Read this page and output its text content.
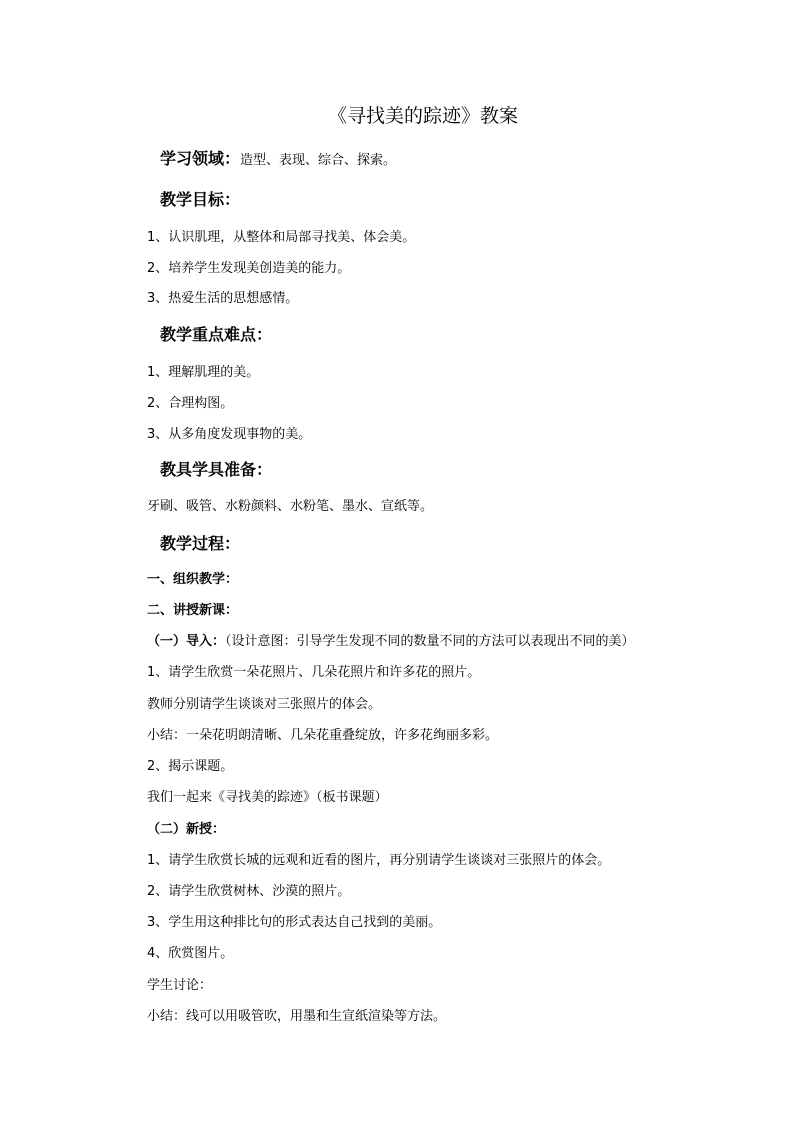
《寻找美的踪迹》教案
学习领域：造型、表现、综合、探索。
教学目标：
1、认识肌理，从整体和局部寻找美、体会美。
2、培养学生发现美创造美的能力。
3、热爱生活的思想感情。
教学重点难点：
1、理解肌理的美。
2、合理构图。
3、从多角度发现事物的美。
教具学具准备：
牙刷、吸管、水粉颜料、水粉笔、墨水、宣纸等。
教学过程：
一、组织教学：
二、讲授新课：
（一）导入：（设计意图：引导学生发现不同的数量不同的方法可以表现出不同的美）
1、请学生欣赏一朵花照片、几朵花照片和许多花的照片。
教师分别请学生谈谈对三张照片的体会。
小结：一朵花明朗清晰、几朵花重叠绽放，许多花绚丽多彩。
2、揭示课题。
我们一起来《寻找美的踪迹》（板书课题）
（二）新授：
1、请学生欣赏长城的远观和近看的图片，再分别请学生谈谈对三张照片的体会。
2、请学生欣赏树林、沙漠的照片。
3、学生用这种排比句的形式表达自己找到的美丽。
4、欣赏图片。
学生讨论：
小结：线可以用吸管吹，用墨和生宣纸渲染等方法。
